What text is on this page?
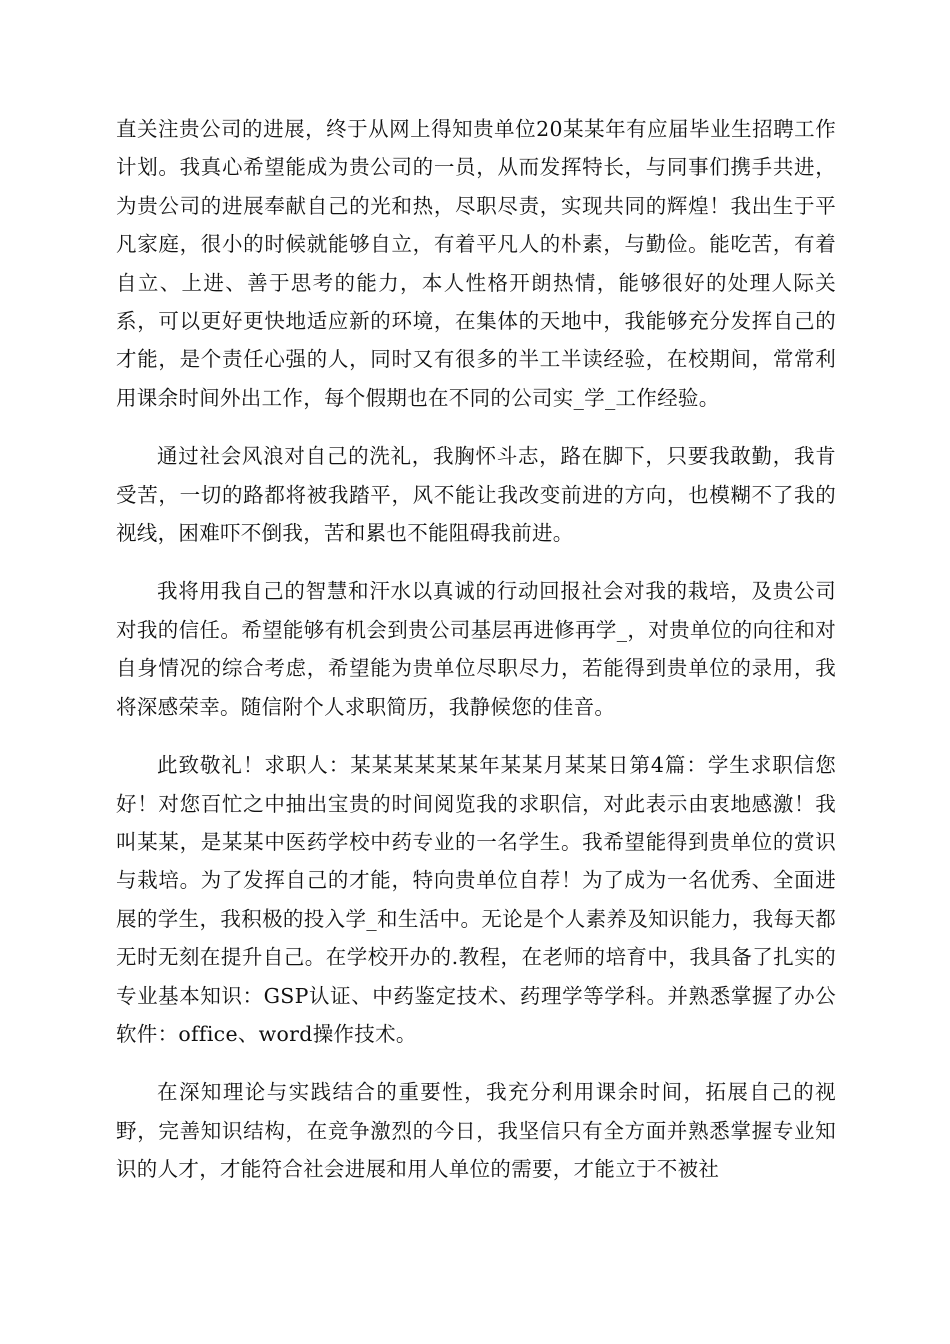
直关注贵公司的进展，终于从网上得知贵单位20某某年有应届毕业生招聘工作计划。我真心希望能成为贵公司的一员，从而发挥特长，与同事们携手共进，为贵公司的进展奉献自己的光和热，尽职尽责，实现共同的辉煌！我出生于平凡家庭，很小的时候就能够自立，有着平凡人的朴素，与勤俭。能吃苦，有着自立、上进、善于思考的能力，本人性格开朗热情，能够很好的处理人际关系，可以更好更快地适应新的环境，在集体的天地中，我能够充分发挥自己的才能，是个责任心强的人，同时又有很多的半工半读经验，在校期间，常常利用课余时间外出工作，每个假期也在不同的公司实_学_工作经验。

通过社会风浪对自己的洗礼，我胸怀斗志，路在脚下，只要我敢勤，我肯受苦，一切的路都将被我踏平，风不能让我改变前进的方向，也模糊不了我的视线，困难吓不倒我，苦和累也不能阻碍我前进。

我将用我自己的智慧和汗水以真诚的行动回报社会对我的栽培，及贵公司对我的信任。希望能够有机会到贵公司基层再进修再学_，对贵单位的向往和对自身情况的综合考虑，希望能为贵单位尽职尽力，若能得到贵单位的录用，我将深感荣幸。随信附个人求职简历，我静候您的佳音。

此致敬礼！求职人：某某某某某某年某某月某某日第4篇：学生求职信您好！对您百忙之中抽出宝贵的时间阅览我的求职信，对此表示由衷地感激！我叫某某，是某某中医药学校中药专业的一名学生。我希望能得到贵单位的赏识与栽培。为了发挥自己的才能，特向贵单位自荐！为了成为一名优秀、全面进展的学生，我积极的投入学_和生活中。无论是个人素养及知识能力，我每天都无时无刻在提升自己。在学校开办的.教程，在老师的培育中，我具备了扎实的专业基本知识：GSP认证、中药鉴定技术、药理学等学科。并熟悉掌握了办公软件：office、word操作技术。

在深知理论与实践结合的重要性，我充分利用课余时间，拓展自己的视野，完善知识结构，在竞争激烈的今日，我坚信只有全方面并熟悉掌握专业知识的人才，才能符合社会进展和用人单位的需要，才能立于不被社
